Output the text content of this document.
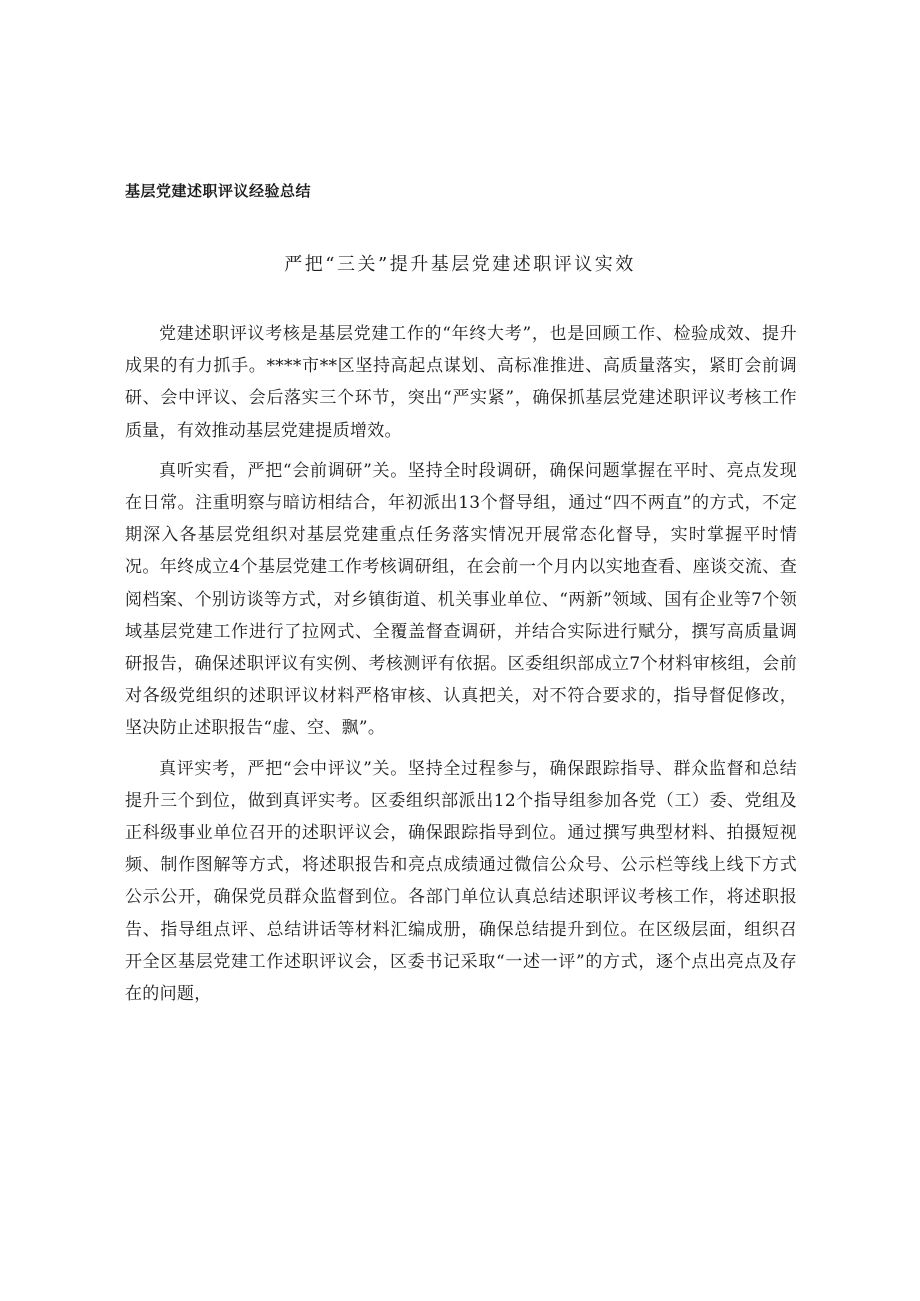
基层党建述职评议经验总结
严把“三关”提升基层党建述职评议实效

党建述职评议考核是基层党建工作的“年终大考”，也是回顾工作、检验成效、提升成果的有力抓手。****市**区坚持高起点谋划、高标准推进、高质量落实，紧盯会前调研、会中评议、会后落实三个环节，突出“严实紧”，确保抓基层党建述职评议考核工作质量，有效推动基层党建提质增效。

真听实看，严把“会前调研”关。坚持全时段调研，确保问题掌握在平时、亮点发现在日常。注重明察与暗访相结合，年初派出13个督导组，通过“四不两直”的方式，不定期深入各基层党组织对基层党建重点任务落实情况开展常态化督导，实时掌握平时情况。年终成立4个基层党建工作考核调研组，在会前一个月内以实地查看、座谈交流、查阅档案、个别访谈等方式，对乡镇街道、机关事业单位、“两新”领域、国有企业等7个领域基层党建工作进行了拉网式、全覆盖督查调研，并结合实际进行赋分，撰写高质量调研报告，确保述职评议有实例、考核测评有依据。区委组织部成立7个材料审核组，会前对各级党组织的述职评议材料严格审核、认真把关，对不符合要求的，指导督促修改，坚决防止述职报告“虚、空、飘”。

真评实考，严把“会中评议”关。坚持全过程参与，确保跟踪指导、群众监督和总结提升三个到位，做到真评实考。区委组织部派出12个指导组参加各党（工）委、党组及正科级事业单位召开的述职评议会，确保跟踪指导到位。通过撰写典型材料、拍摄短视频、制作图解等方式，将述职报告和亮点成绩通过微信公众号、公示栏等线上线下方式公示公开，确保党员群众监督到位。各部门单位认真总结述职评议考核工作，将述职报告、指导组点评、总结讲话等材料汇编成册，确保总结提升到位。在区级层面，组织召开全区基层党建工作述职评议会，区委书记采取“一述一评”的方式，逐个点出亮点及存在的问题，
